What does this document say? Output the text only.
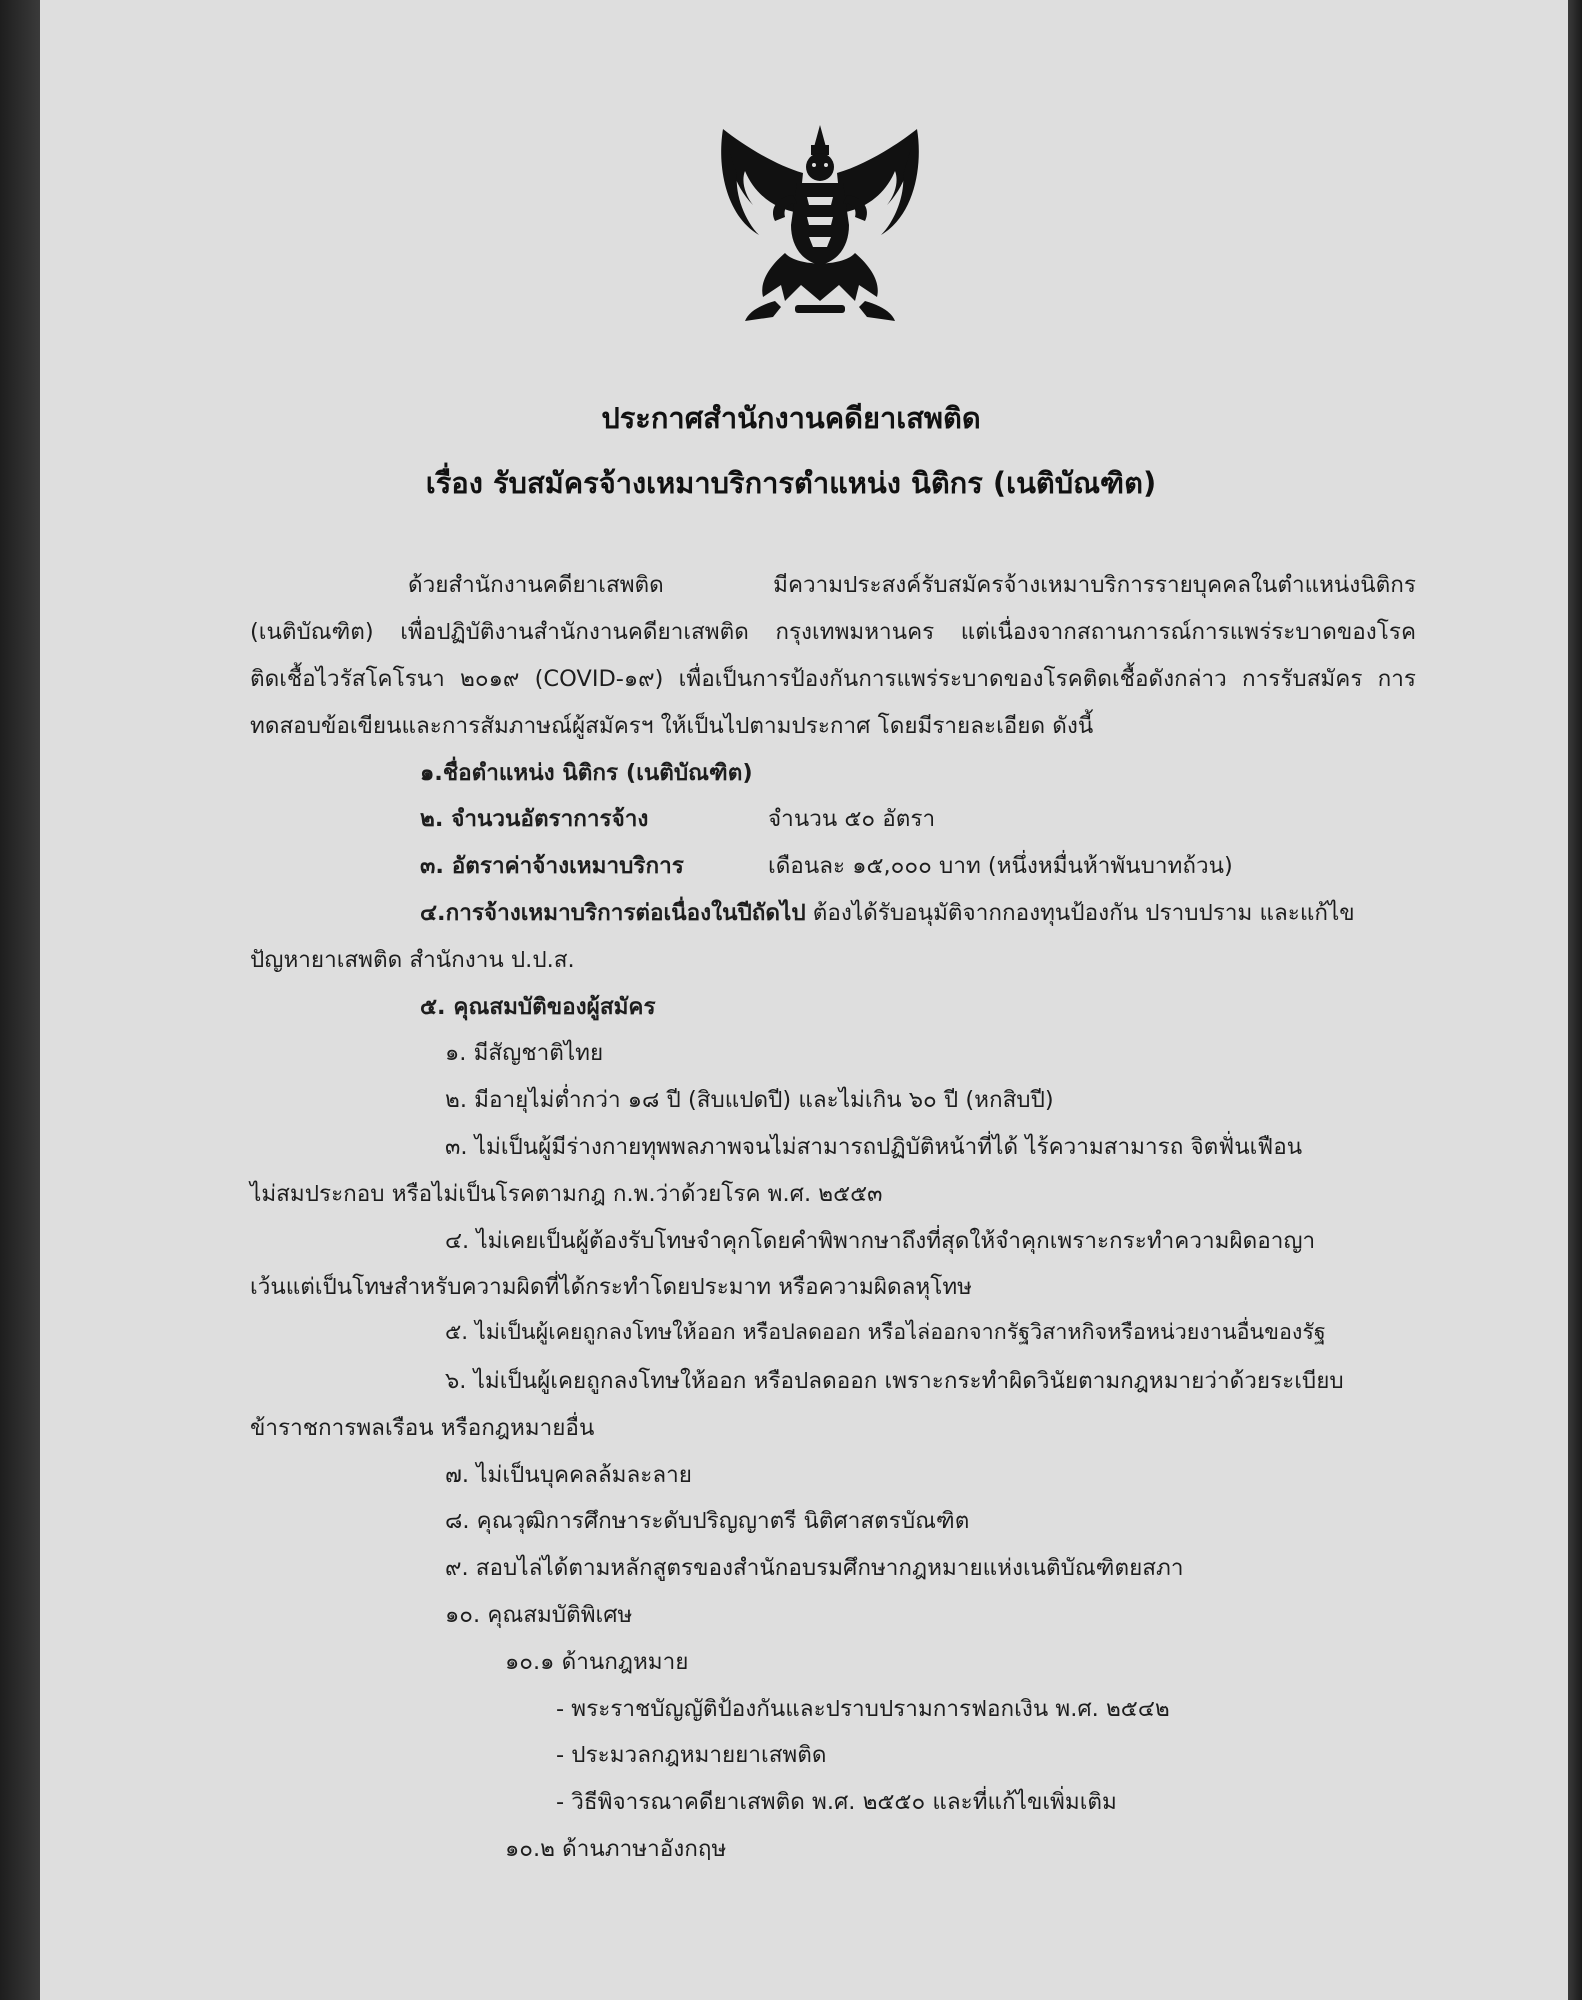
ประกาศสำนักงานคดียาเสพติด
เรื่อง รับสมัครจ้างเหมาบริการตำแหน่ง นิติกร (เนติบัณฑิต)
ด้วยสำนักงานคดียาเสพติด มีความประสงค์รับสมัครจ้างเหมาบริการรายบุคคลในตำแหน่งนิติกร
(เนติบัณฑิต) เพื่อปฏิบัติงานสำนักงานคดียาเสพติด กรุงเทพมหานคร แต่เนื่องจากสถานการณ์การแพร่ระบาดของโรค
ติดเชื้อไวรัสโคโรนา ๒๐๑๙ (COVID-๑๙) เพื่อเป็นการป้องกันการแพร่ระบาดของโรคติดเชื้อดังกล่าว การรับสมัคร การ
ทดสอบข้อเขียนและการสัมภาษณ์ผู้สมัครฯ ให้เป็นไปตามประกาศ โดยมีรายละเอียด ดังนี้
๑.ชื่อตำแหน่ง นิติกร (เนติบัณฑิต)
๒. จำนวนอัตราการจ้าง	จำนวน ๕๐ อัตรา
๓. อัตราค่าจ้างเหมาบริการ	เดือนละ ๑๕,๐๐๐ บาท (หนึ่งหมื่นห้าพันบาทถ้วน)
๔.การจ้างเหมาบริการต่อเนื่องในปีถัดไป ต้องได้รับอนุมัติจากกองทุนป้องกัน ปราบปราม และแก้ไข
ปัญหายาเสพติด สำนักงาน ป.ป.ส.
๕. คุณสมบัติของผู้สมัคร
๑. มีสัญชาติไทย
๒. มีอายุไม่ต่ำกว่า ๑๘ ปี (สิบแปดปี) และไม่เกิน ๖๐ ปี (หกสิบปี)
๓. ไม่เป็นผู้มีร่างกายทุพพลภาพจนไม่สามารถปฏิบัติหน้าที่ได้ ไร้ความสามารถ จิตฟั่นเฟือน
ไม่สมประกอบ หรือไม่เป็นโรคตามกฎ ก.พ.ว่าด้วยโรค พ.ศ. ๒๕๕๓
๔. ไม่เคยเป็นผู้ต้องรับโทษจำคุกโดยคำพิพากษาถึงที่สุดให้จำคุกเพราะกระทำความผิดอาญา
เว้นแต่เป็นโทษสำหรับความผิดที่ได้กระทำโดยประมาท หรือความผิดลหุโทษ
๕. ไม่เป็นผู้เคยถูกลงโทษให้ออก หรือปลดออก หรือไล่ออกจากรัฐวิสาหกิจหรือหน่วยงานอื่นของรัฐ
๖. ไม่เป็นผู้เคยถูกลงโทษให้ออก หรือปลดออก เพราะกระทำผิดวินัยตามกฎหมายว่าด้วยระเบียบ
ข้าราชการพลเรือน หรือกฎหมายอื่น
๗. ไม่เป็นบุคคลล้มละลาย
๘. คุณวุฒิการศึกษาระดับปริญญาตรี นิติศาสตรบัณฑิต
๙. สอบไล่ได้ตามหลักสูตรของสำนักอบรมศึกษากฎหมายแห่งเนติบัณฑิตยสภา
๑๐. คุณสมบัติพิเศษ
๑๐.๑ ด้านกฎหมาย
- พระราชบัญญัติป้องกันและปราบปรามการฟอกเงิน พ.ศ. ๒๕๔๒
- ประมวลกฎหมายยาเสพติด
- วิธีพิจารณาคดียาเสพติด พ.ศ. ๒๕๕๐ และที่แก้ไขเพิ่มเติม
๑๐.๒ ด้านภาษาอังกฤษ
